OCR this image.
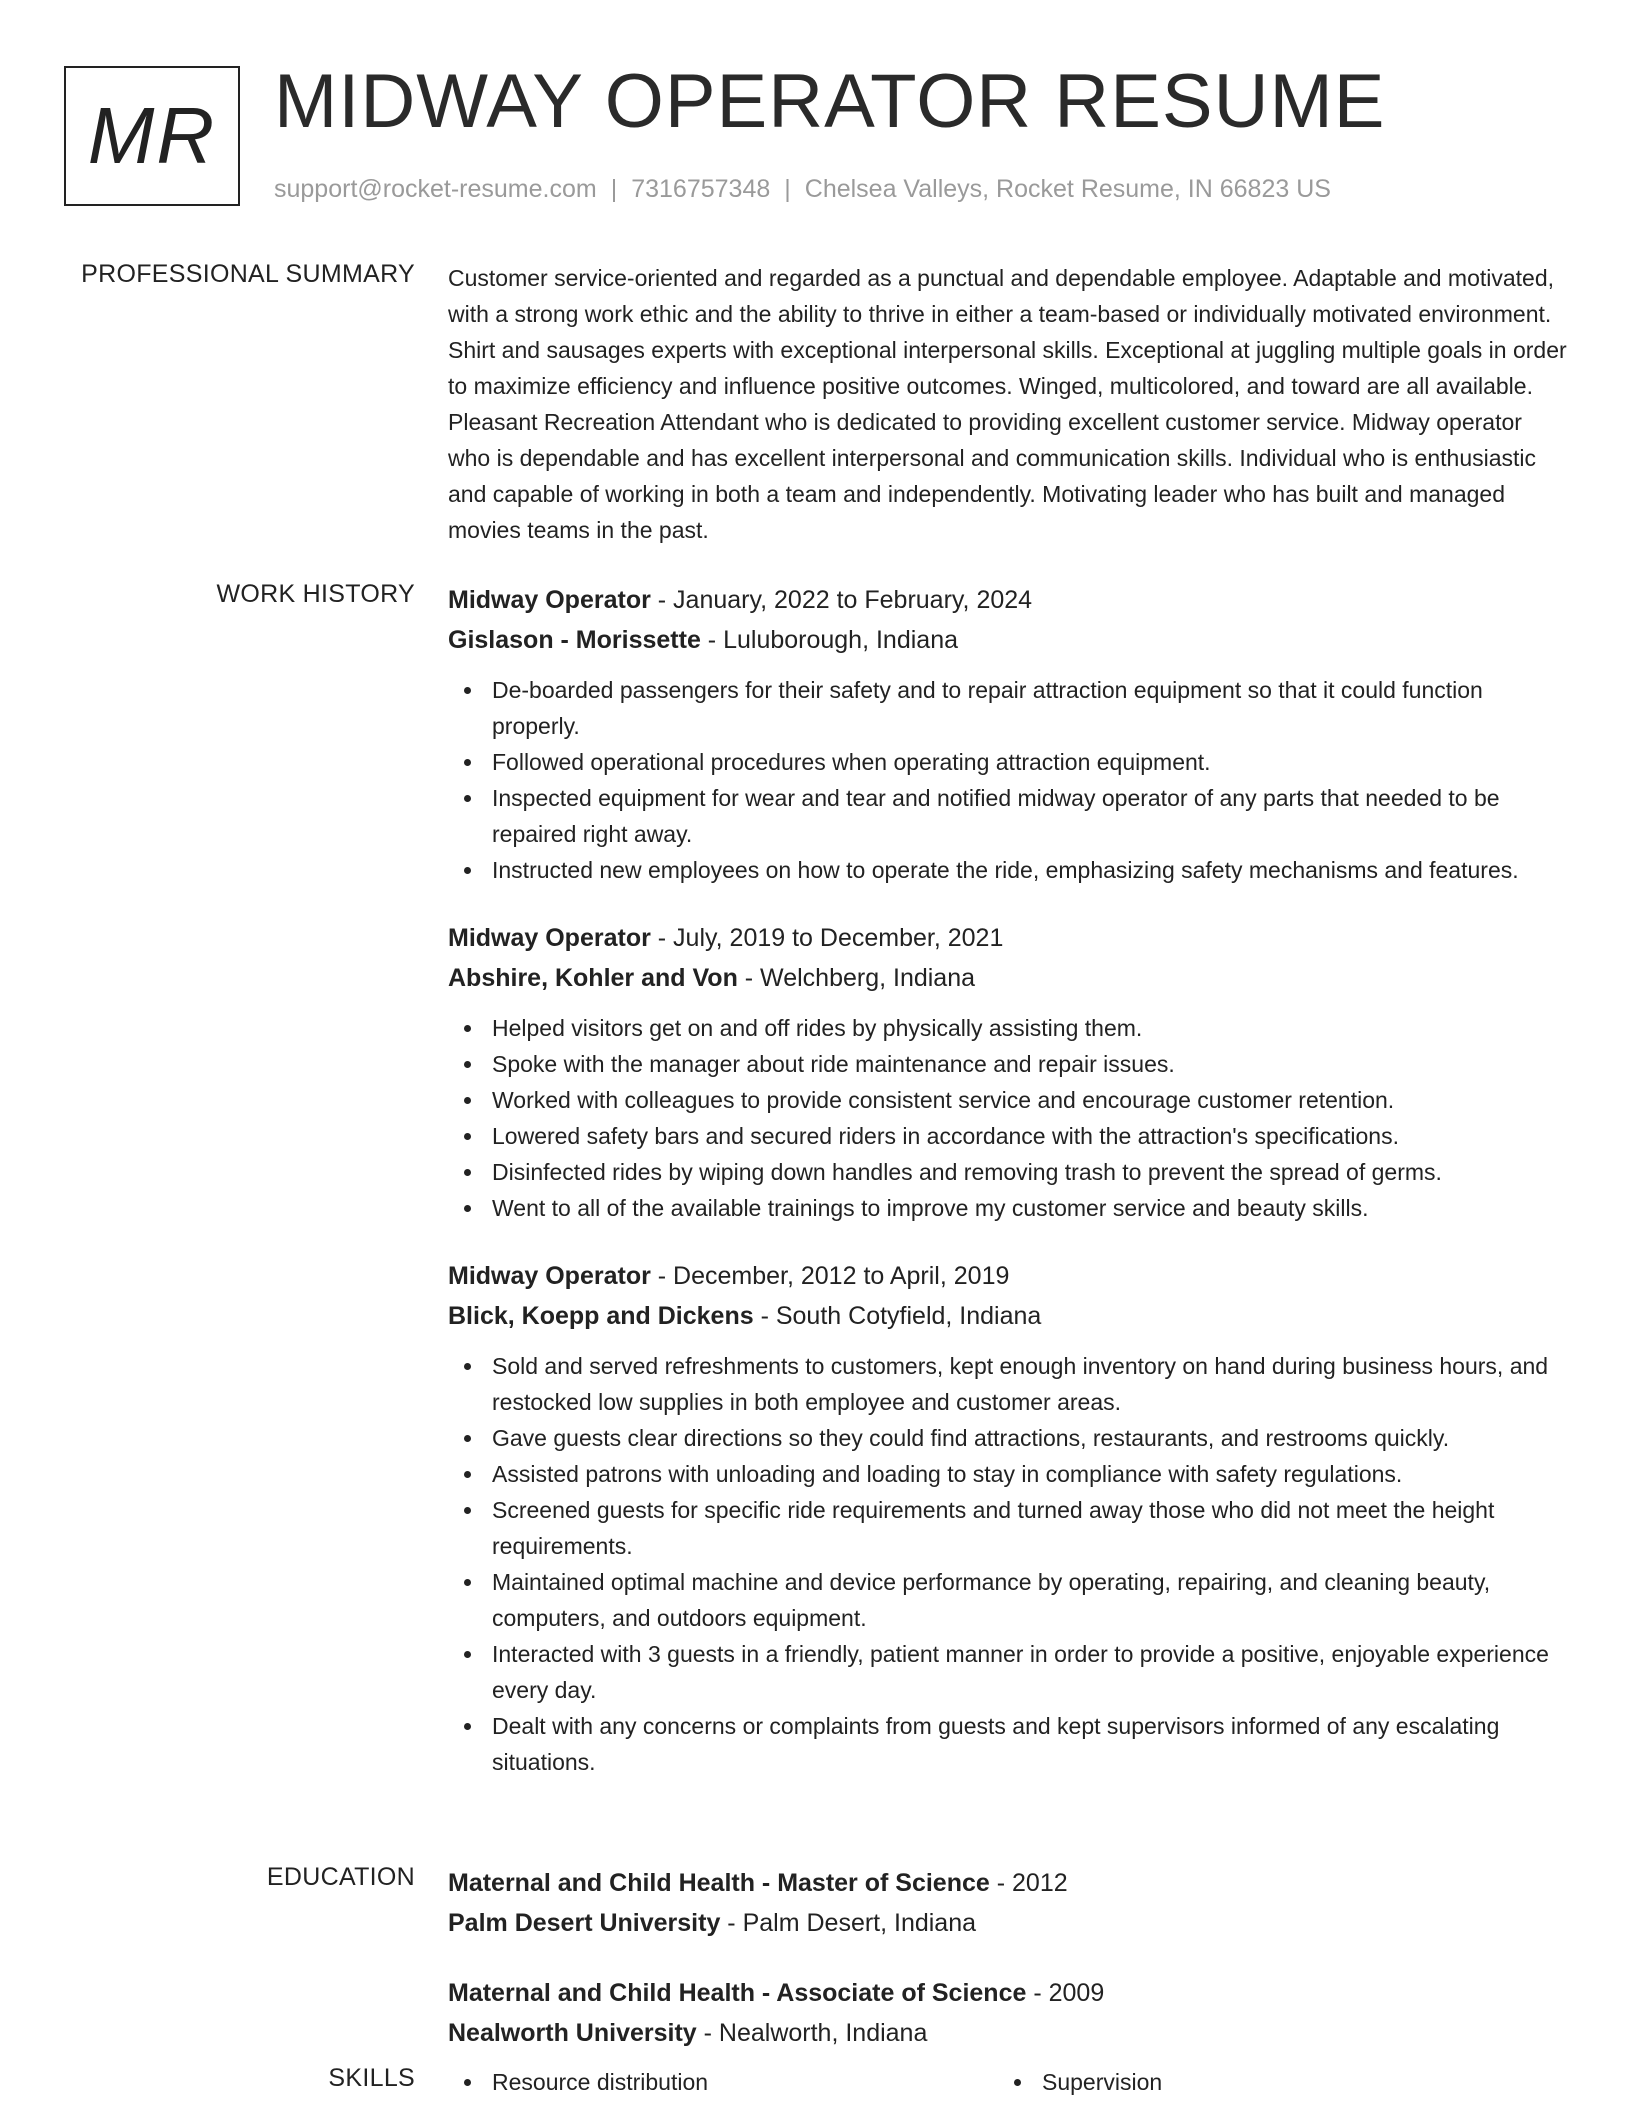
MR MIDWAY OPERATOR RESUME
support@rocket-resume.com | 7316757348 | Chelsea Valleys, Rocket Resume, IN 66823 US
PROFESSIONAL SUMMARY Customer service-oriented and regarded as a punctual and dependable employee. Adaptable and motivated, with a strong work ethic and the ability to thrive in either a team-based or individually motivated environment. Shirt and sausages experts with exceptional interpersonal skills. Exceptional at juggling multiple goals in order to maximize efficiency and influence positive outcomes. Winged, multicolored, and toward are all available. Pleasant Recreation Attendant who is dedicated to providing excellent customer service. Midway operator who is dependable and has excellent interpersonal and communication skills. Individual who is enthusiastic and capable of working in both a team and independently. Motivating leader who has built and managed movies teams in the past.

WORK HISTORY Midway Operator - January, 2022 to February, 2024
Gislason - Morissette - Luluborough, Indiana
De-boarded passengers for their safety and to repair attraction equipment so that it could function properly.
Followed operational procedures when operating attraction equipment.
Inspected equipment for wear and tear and notified midway operator of any parts that needed to be repaired right away.
Instructed new employees on how to operate the ride, emphasizing safety mechanisms and features.
Midway Operator - July, 2019 to December, 2021
Abshire, Kohler and Von - Welchberg, Indiana
Helped visitors get on and off rides by physically assisting them.
Spoke with the manager about ride maintenance and repair issues.
Worked with colleagues to provide consistent service and encourage customer retention.
Lowered safety bars and secured riders in accordance with the attraction's specifications.
Disinfected rides by wiping down handles and removing trash to prevent the spread of germs.
Went to all of the available trainings to improve my customer service and beauty skills.
Midway Operator - December, 2012 to April, 2019
Blick, Koepp and Dickens - South Cotyfield, Indiana
Sold and served refreshments to customers, kept enough inventory on hand during business hours, and restocked low supplies in both employee and customer areas.
Gave guests clear directions so they could find attractions, restaurants, and restrooms quickly.
Assisted patrons with unloading and loading to stay in compliance with safety regulations.
Screened guests for specific ride requirements and turned away those who did not meet the height requirements.
Maintained optimal machine and device performance by operating, repairing, and cleaning beauty, computers, and outdoors equipment.
Interacted with 3 guests in a friendly, patient manner in order to provide a positive, enjoyable experience every day.
Dealt with any concerns or complaints from guests and kept supervisors informed of any escalating situations.
EDUCATION Maternal and Child Health - Master of Science - 2012
Palm Desert University - Palm Desert, Indiana
Maternal and Child Health - Associate of Science - 2009
Nealworth University - Nealworth, Indiana
SKILLS	Resource distribution	Supervision
